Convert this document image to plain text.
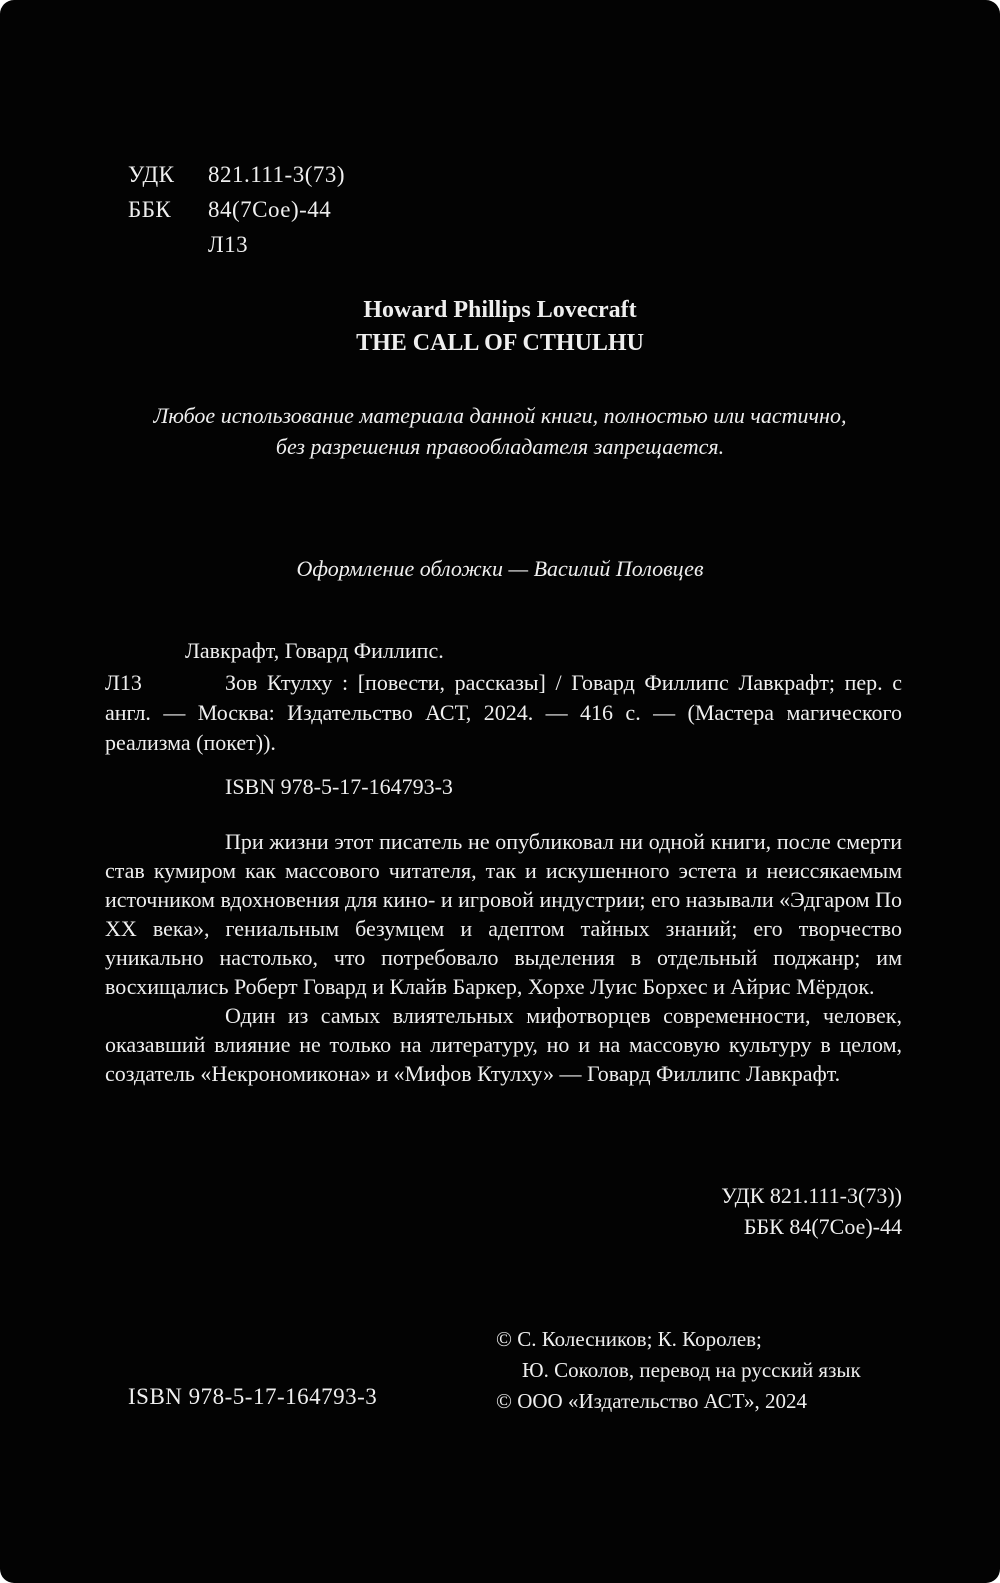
УДК 821.111-3(73)
ББК 84(7Сое)-44
Л13
Howard Phillips Lovecraft
THE CALL OF CTHULHU
Любое использование материала данной книги, полностью или частично, без разрешения правообладателя запрещается.
Оформление обложки — Василий Половцев
Лавкрафт, Говард Филлипс.
Л13	Зов Ктулху : [повести, рассказы] / Говард Филлипс Лавкрафт; пер. с англ. — Москва: Издательство АСТ, 2024. — 416 с. — (Мастера магического реализма (покет)).

ISBN 978-5-17-164793-3

При жизни этот писатель не опубликовал ни одной книги, после смерти став кумиром как массового читателя, так и искушенного эстета и неиссякаемым источником вдохновения для кино- и игровой индустрии; его называли «Эдгаром По XX века», гениальным безумцем и адептом тайных знаний; его творчество уникально настолько, что потребовало выделения в отдельный поджанр; им восхищались Роберт Говард и Клайв Баркер, Хорхе Луис Борхес и Айрис Мёрдок.

Один из самых влиятельных мифотворцев современности, человек, оказавший влияние не только на литературу, но и на массовую культуру в целом, создатель «Некрономикона» и «Мифов Ктулху» — Говард Филлипс Лавкрафт.

УДК 821.111-3(73))
ББК 84(7Сое)-44
© С. Колесников; К. Королев;
Ю. Соколов, перевод на русский язык
© ООО «Издательство АСТ», 2024
ISBN 978-5-17-164793-3
